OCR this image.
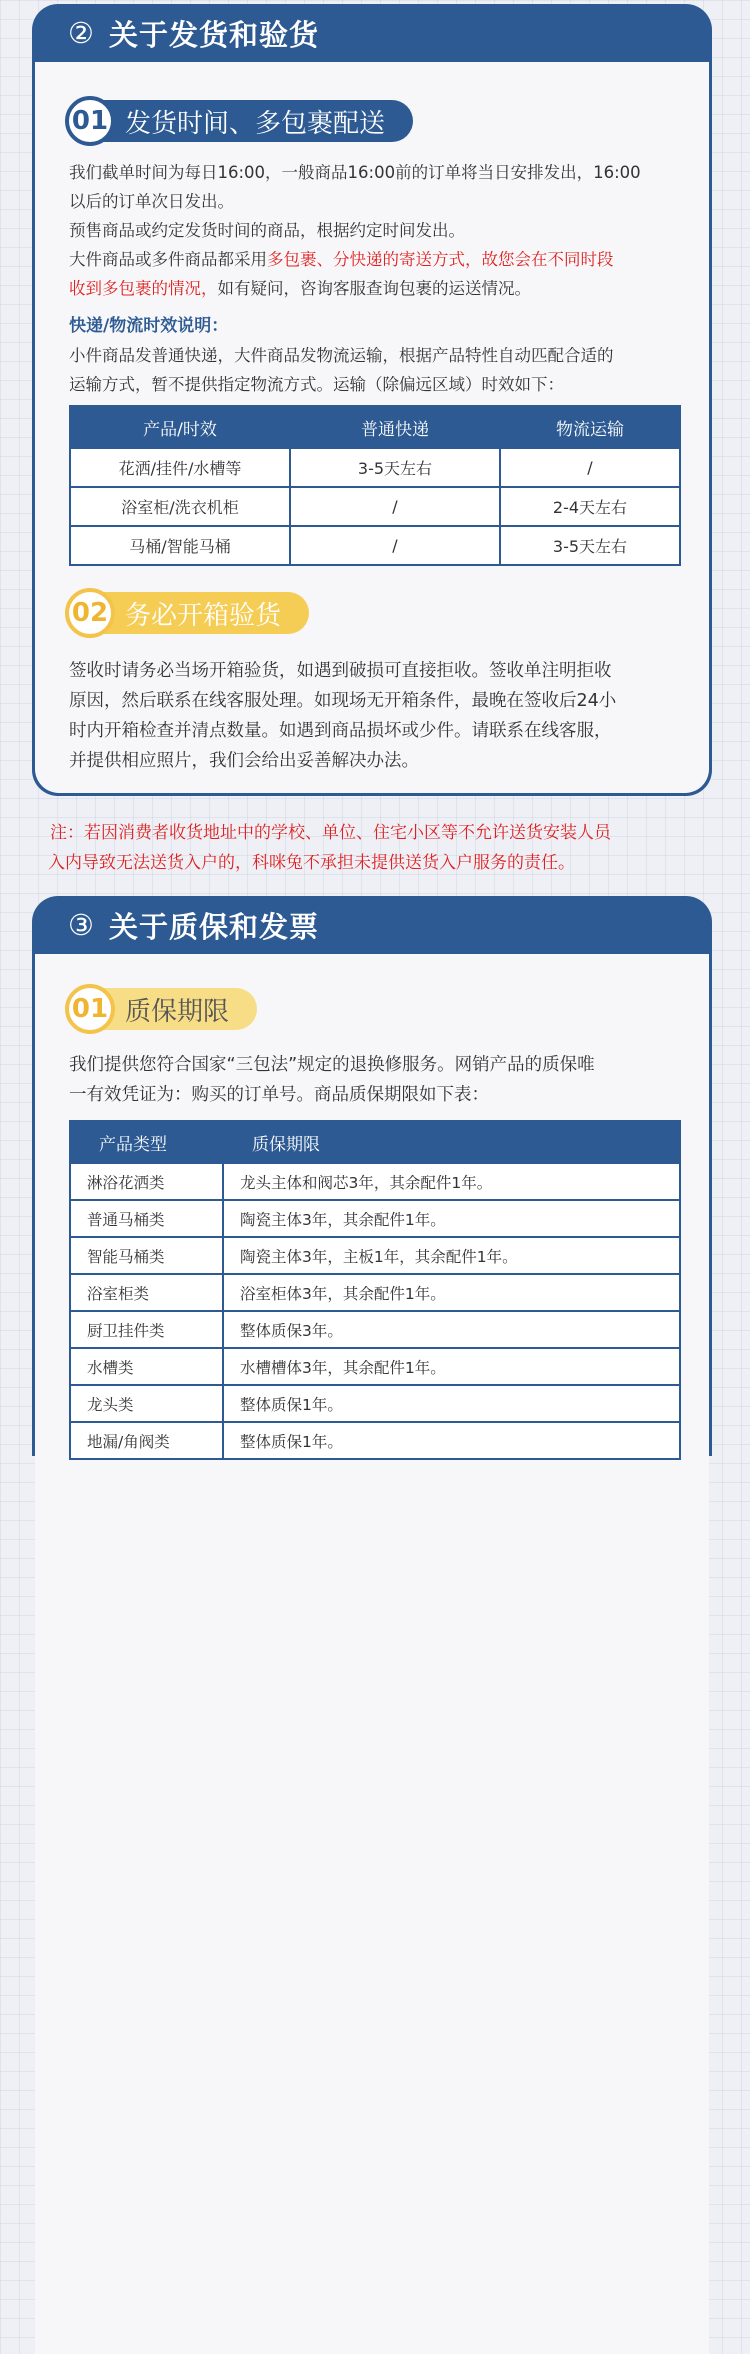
② 关于发货和验货
01 发货时间、多包裹配送

我们截单时间为每日16:00，一般商品16:00前的订单将当日安排发出，16:00

以后的订单次日发出。

预售商品或约定发货时间的商品，根据约定时间发出。

大件商品或多件商品都采用多包裹、分快递的寄送方式，故您会在不同时段

收到多包裹的情况，如有疑问，咨询客服查询包裹的运送情况。

快递/物流时效说明：

小件商品发普通快递，大件商品发物流运输，根据产品特性自动匹配合适的

运输方式，暂不提供指定物流方式。运输（除偏远区域）时效如下：

产品/时效	普通快递	物流运输
花洒/挂件/水槽等	3-5天左右	/
浴室柜/洗衣机柜	/	2-4天左右
马桶/智能马桶	/	3-5天左右
02 务必开箱验货

签收时请务必当场开箱验货，如遇到破损可直接拒收。签收单注明拒收

原因，然后联系在线客服处理。如现场无开箱条件，最晚在签收后24小

时内开箱检查并清点数量。如遇到商品损坏或少件。请联系在线客服，

并提供相应照片，我们会给出妥善解决办法。

注：若因消费者收货地址中的学校、单位、住宅小区等不允许送货安装人员

入内导致无法送货入户的，科咪兔不承担未提供送货入户服务的责任。

③ 关于质保和发票
01 质保期限

我们提供您符合国家“三包法”规定的退换修服务。网销产品的质保唯

一有效凭证为：购买的订单号。商品质保期限如下表：

产品类型	质保期限
淋浴花洒类	龙头主体和阀芯3年，其余配件1年。
普通马桶类	陶瓷主体3年，其余配件1年。
智能马桶类	陶瓷主体3年，主板1年，其余配件1年。
浴室柜类	浴室柜体3年，其余配件1年。
厨卫挂件类	整体质保3年。
水槽类	水槽槽体3年，其余配件1年。
龙头类	整体质保1年。
地漏/角阀类	整体质保1年。
